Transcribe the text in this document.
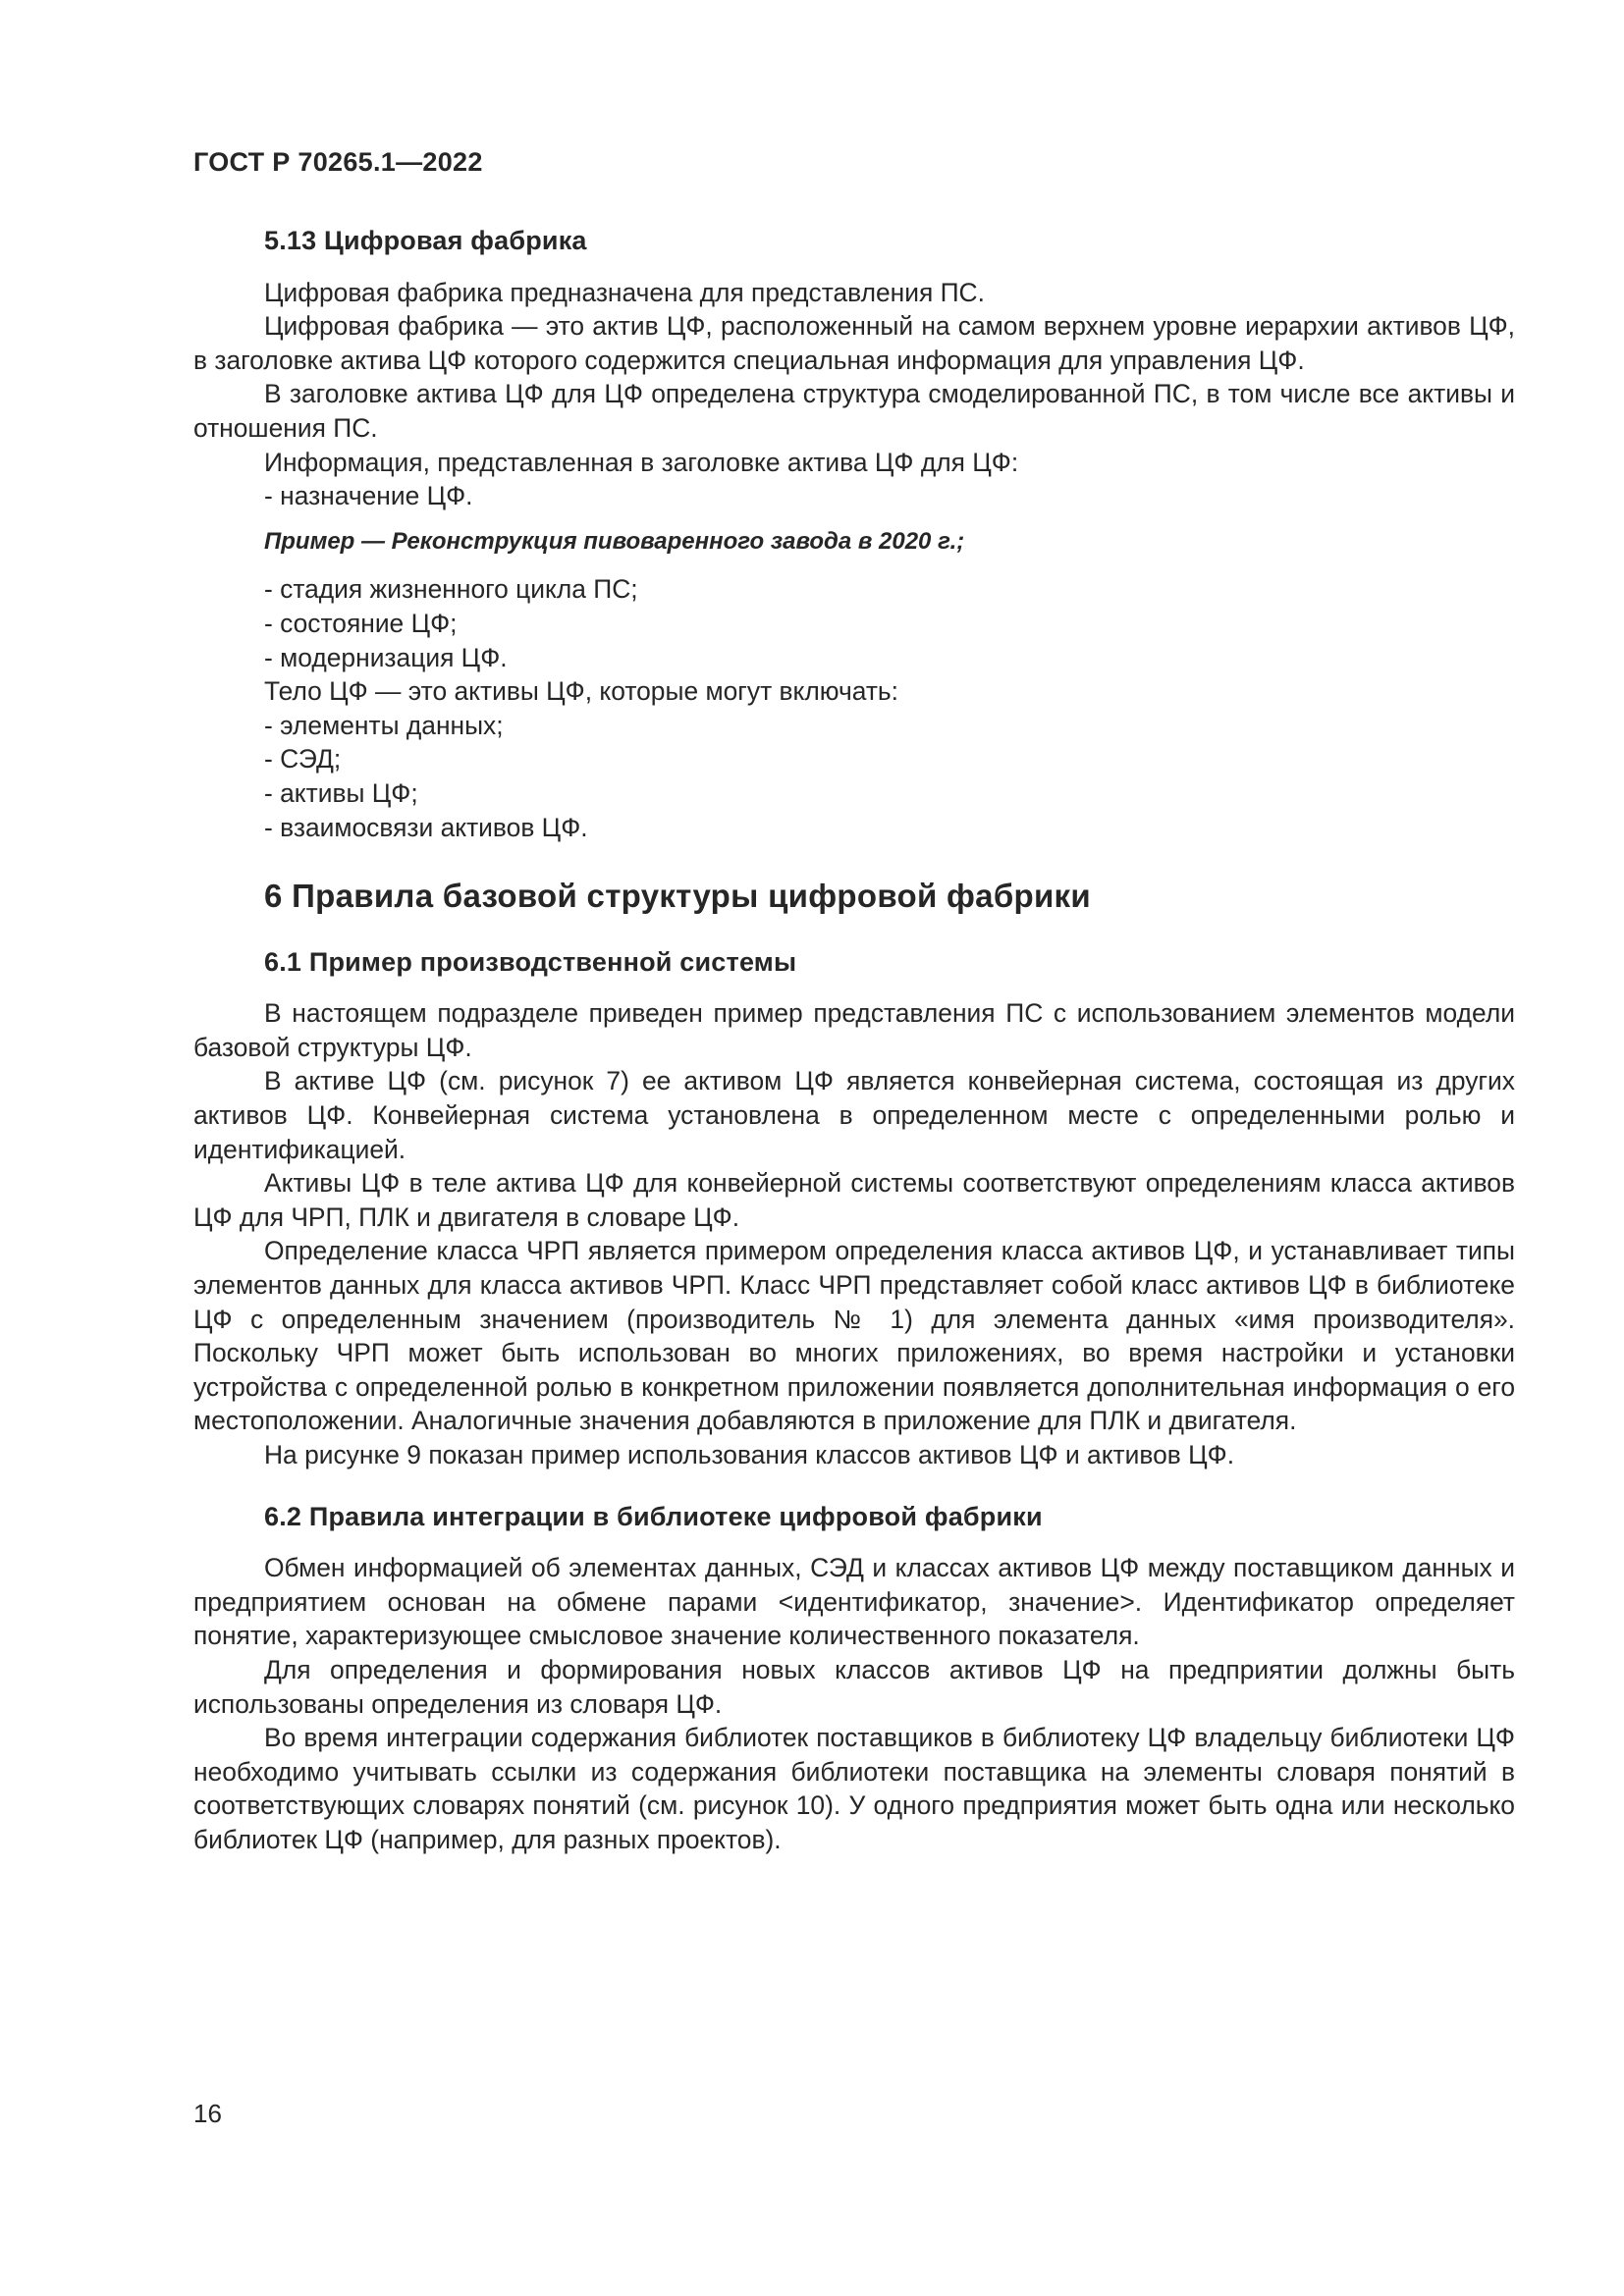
ГОСТ Р 70265.1—2022

5.13 Цифровая фабрика

Цифровая фабрика предназначена для представления ПС.

Цифровая фабрика — это актив ЦФ, расположенный на самом верхнем уровне иерархии активов ЦФ, в заголовке актива ЦФ которого содержится специальная информация для управления ЦФ.

В заголовке актива ЦФ для ЦФ определена структура смоделированной ПС, в том числе все активы и отношения ПС.

Информация, представленная в заголовке актива ЦФ для ЦФ:

- назначение ЦФ.

Пример — Реконструкция пивоваренного завода в 2020 г.;

- стадия жизненного цикла ПС;

- состояние ЦФ;

- модернизация ЦФ.

Тело ЦФ — это активы ЦФ, которые могут включать:

- элементы данных;

- СЭД;

- активы ЦФ;

- взаимосвязи активов ЦФ.

6 Правила базовой структуры цифровой фабрики

6.1 Пример производственной системы

В настоящем подразделе приведен пример представления ПС с использованием элементов модели базовой структуры ЦФ.

В активе ЦФ (см. рисунок 7) ее активом ЦФ является конвейерная система, состоящая из других активов ЦФ. Конвейерная система установлена в определенном месте с определенными ролью и идентификацией.

Активы ЦФ в теле актива ЦФ для конвейерной системы соответствуют определениям класса активов ЦФ для ЧРП, ПЛК и двигателя в словаре ЦФ.

Определение класса ЧРП является примером определения класса активов ЦФ, и устанавливает типы элементов данных для класса активов ЧРП. Класс ЧРП представляет собой класс активов ЦФ в библиотеке ЦФ с определенным значением (производитель № 1) для элемента данных «имя производителя». Поскольку ЧРП может быть использован во многих приложениях, во время настройки и установки устройства с определенной ролью в конкретном приложении появляется дополнительная информация о его местоположении. Аналогичные значения добавляются в приложение для ПЛК и двигателя.

На рисунке 9 показан пример использования классов активов ЦФ и активов ЦФ.

6.2 Правила интеграции в библиотеке цифровой фабрики

Обмен информацией об элементах данных, СЭД и классах активов ЦФ между поставщиком данных и предприятием основан на обмене парами <идентификатор, значение>. Идентификатор определяет понятие, характеризующее смысловое значение количественного показателя.

Для определения и формирования новых классов активов ЦФ на предприятии должны быть использованы определения из словаря ЦФ.

Во время интеграции содержания библиотек поставщиков в библиотеку ЦФ владельцу библиотеки ЦФ необходимо учитывать ссылки из содержания библиотеки поставщика на элементы словаря понятий в соответствующих словарях понятий (см. рисунок 10). У одного предприятия может быть одна или несколько библиотек ЦФ (например, для разных проектов).

16
